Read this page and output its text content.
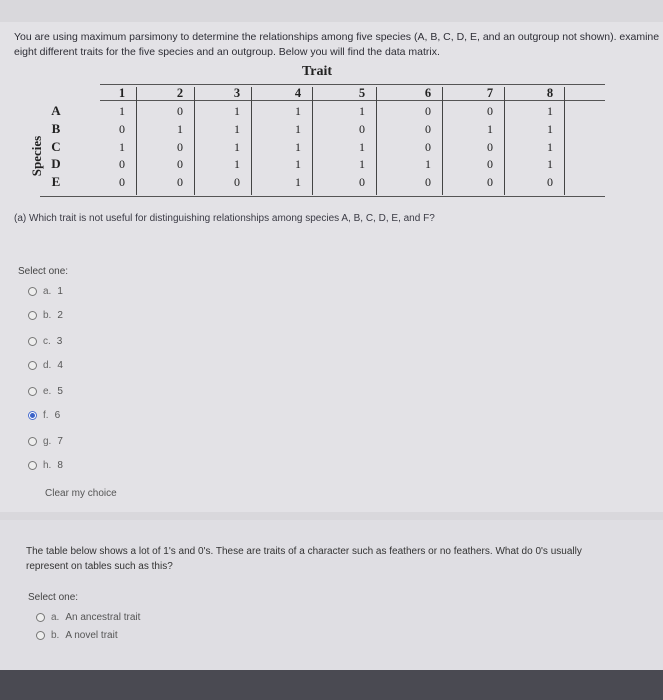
You are using maximum parsimony to determine the relationships among five species (A, B, C, D, E, and an outgroup not shown). examine eight different traits for the five species and an outgroup. Below you will find the data matrix.
Trait
Species
1	2	3	4	5	6	7	8
A	1	0	1	1	1	0	0	1
B	0	1	1	1	0	0	1	1
C	1	0	1	1	1	0	0	1
D	0	0	1	1	1	1	0	1
E	0	0	0	1	0	0	0	0
(a) Which trait is not useful for distinguishing relationships among species A, B, C, D, E, and F?
Select one:
a. 1
b. 2
c. 3
d. 4
e. 5
f. 6
g. 7
h. 8
Clear my choice
The table below shows a lot of 1's and 0's. These are traits of a character such as feathers or no feathers. What do 0's usually represent on tables such as this?
Select one:
a. An ancestral trait
b. A novel trait
